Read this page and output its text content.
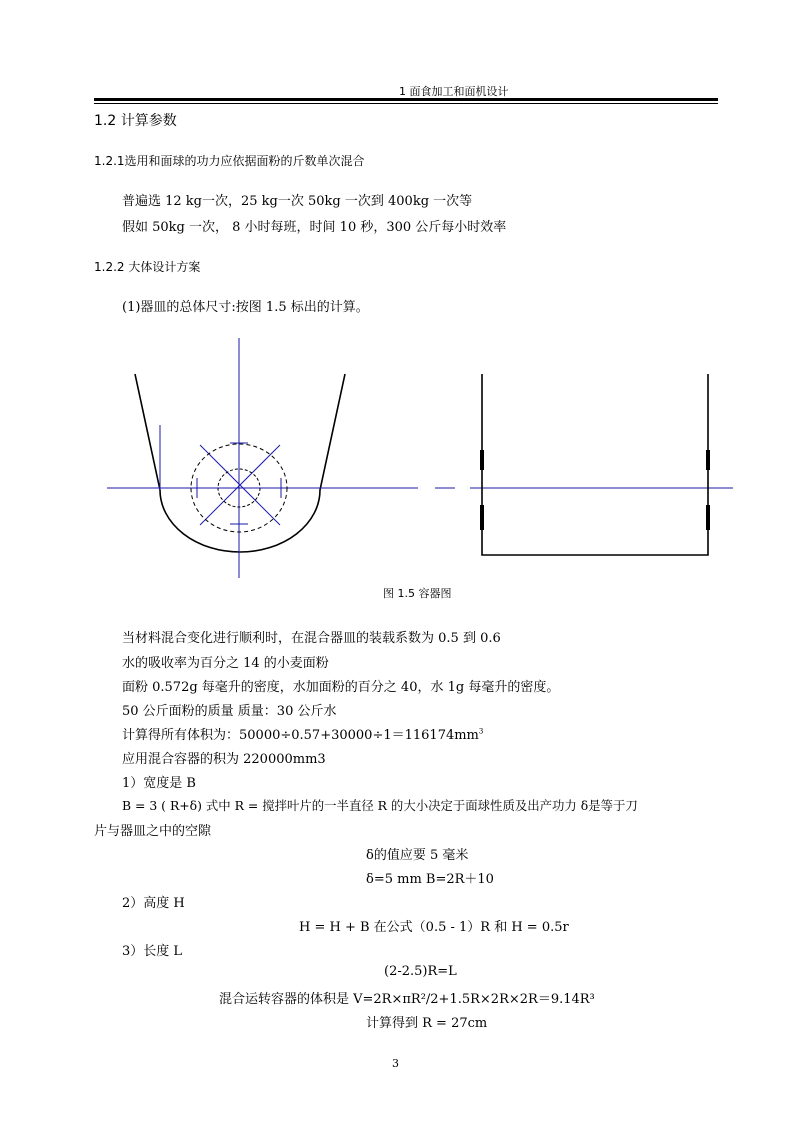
1 面食加工和面机设计
1.2 计算参数
1.2.1选用和面球的功力应依据面粉的斤数单次混合
普遍选 12 kg一次，25 kg一次 50kg 一次到 400kg 一次等
假如 50kg 一次， 8 小时每班，时间 10 秒，300 公斤每小时效率
1.2.2 大体设计方案
(1)器皿的总体尺寸:按图 1.5 标出的计算。
图 1.5 容器图
当材料混合变化进行顺利时，在混合器皿的装载系数为 0.5 到 0.6
水的吸收率为百分之 14 的小麦面粉
面粉 0.572g 每毫升的密度，水加面粉的百分之 40，水 1g 每毫升的密度。
50 公斤面粉的质量 质量：30 公斤水
计算得所有体积为：$50000\div 0.57+30000\div 1=116174mm^3$
应用混合容器的积为 220000mm3
1）宽度是 B
B = 3 ( R+δ) 式中 R = 搅拌叶片的一半直径 R 的大小决定于面球性质及出产功力 δ是等于刀
片与器皿之中的空隙
δ的值应要 5 毫米
δ=5 mm B=2R＋10
2）高度 H
H = H + B 在公式（0.5 - 1）R 和 H = 0.5r
3）长度 L
(2-2.5)R=L
混合运转容器的体积是 V=2R×πR²/2+1.5R×2R×2R＝9.14R³
计算得到 R = 27cm
3
